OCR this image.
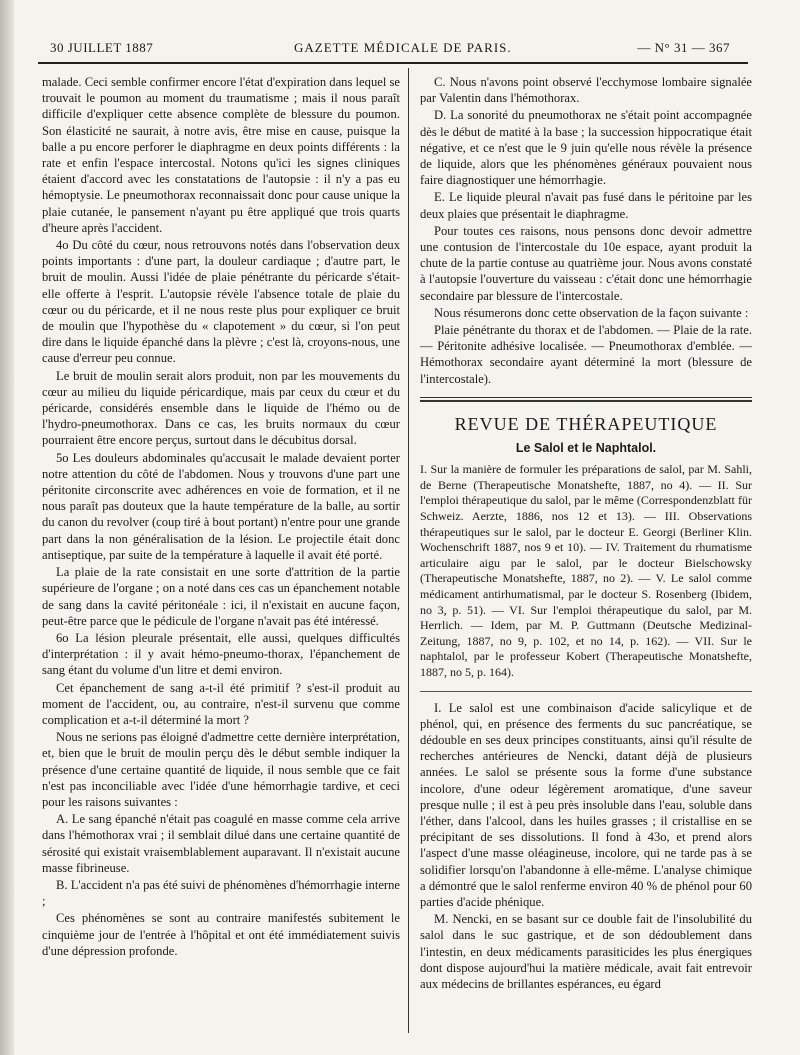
30 JUILLET 1887	GAZETTE MÉDICALE DE PARIS.	— N° 31 — 367

malade. Ceci semble confirmer encore l'état d'expiration dans lequel se trouvait le poumon au moment du traumatisme ; mais il nous paraît difficile d'expliquer cette absence complète de blessure du poumon. Son élasticité ne saurait, à notre avis, être mise en cause, puisque la balle a pu encore perforer le diaphragme en deux points différents : la rate et enfin l'espace intercostal. Notons qu'ici les signes cliniques étaient d'accord avec les constatations de l'autopsie : il n'y a pas eu hémoptysie. Le pneumothorax reconnaissait donc pour cause unique la plaie cutanée, le pansement n'ayant pu être appliqué que trois quarts d'heure après l'accident.

4o Du côté du cœur, nous retrouvons notés dans l'observation deux points importants : d'une part, la douleur cardiaque ; d'autre part, le bruit de moulin. Aussi l'idée de plaie pénétrante du péricarde s'était-elle offerte à l'esprit. L'autopsie révèle l'absence totale de plaie du cœur ou du péricarde, et il ne nous reste plus pour expliquer ce bruit de moulin que l'hypothèse du « clapotement » du cœur, si l'on peut dire dans le liquide épanché dans la plèvre ; c'est là, croyons-nous, une cause d'erreur peu connue.

Le bruit de moulin serait alors produit, non par les mouvements du cœur au milieu du liquide péricardique, mais par ceux du cœur et du péricarde, considérés ensemble dans le liquide de l'hémo ou de l'hydro-pneumothorax. Dans ce cas, les bruits normaux du cœur pourraient être encore perçus, surtout dans le décubitus dorsal.

5o Les douleurs abdominales qu'accusait le malade devaient porter notre attention du côté de l'abdomen. Nous y trouvons d'une part une péritonite circonscrite avec adhérences en voie de formation, et il ne nous paraît pas douteux que la haute température de la balle, au sortir du canon du revolver (coup tiré à bout portant) n'entre pour une grande part dans la non généralisation de la lésion. Le projectile était donc antiseptique, par suite de la température à laquelle il avait été porté.

La plaie de la rate consistait en une sorte d'attrition de la partie supérieure de l'organe ; on a noté dans ces cas un épanchement notable de sang dans la cavité péritonéale : ici, il n'existait en aucune façon, peut-être parce que le pédicule de l'organe n'avait pas été intéressé.

6o La lésion pleurale présentait, elle aussi, quelques difficultés d'interprétation : il y avait hémo-pneumo-thorax, l'épanchement de sang étant du volume d'un litre et demi environ.

Cet épanchement de sang a-t-il été primitif ? s'est-il produit au moment de l'accident, ou, au contraire, n'est-il survenu que comme complication et a-t-il déterminé la mort ?

Nous ne serions pas éloigné d'admettre cette dernière interprétation, et, bien que le bruit de moulin perçu dès le début semble indiquer la présence d'une certaine quantité de liquide, il nous semble que ce fait n'est pas inconciliable avec l'idée d'une hémorrhagie tardive, et ceci pour les raisons suivantes :

A. Le sang épanché n'était pas coagulé en masse comme cela arrive dans l'hémothorax vrai ; il semblait dilué dans une certaine quantité de sérosité qui existait vraisemblablement auparavant. Il n'existait aucune masse fibrineuse.

B. L'accident n'a pas été suivi de phénomènes d'hémorrhagie interne ;

Ces phénomènes se sont au contraire manifestés subitement le cinquième jour de l'entrée à l'hôpital et ont été immédiatement suivis d'une dépression profonde.

C. Nous n'avons point observé l'ecchymose lombaire signalée par Valentin dans l'hémothorax.

D. La sonorité du pneumothorax ne s'était point accompagnée dès le début de matité à la base ; la succession hippocratique était négative, et ce n'est que le 9 juin qu'elle nous révèle la présence de liquide, alors que les phénomènes généraux pouvaient nous faire diagnostiquer une hémorrhagie.

E. Le liquide pleural n'avait pas fusé dans le péritoine par les deux plaies que présentait le diaphragme.

Pour toutes ces raisons, nous pensons donc devoir admettre une contusion de l'intercostale du 10e espace, ayant produit la chute de la partie contuse au quatrième jour. Nous avons constaté à l'autopsie l'ouverture du vaisseau : c'était donc une hémorrhagie secondaire par blessure de l'intercostale.

Nous résumerons donc cette observation de la façon suivante :

Plaie pénétrante du thorax et de l'abdomen. — Plaie de la rate. — Péritonite adhésive localisée. — Pneumothorax d'emblée. — Hémothorax secondaire ayant déterminé la mort (blessure de l'intercostale).

REVUE DE THÉRAPEUTIQUE
Le Salol et le Naphtalol.
I. Sur la manière de formuler les préparations de salol, par M. Sahli, de Berne (Therapeutische Monatshefte, 1887, no 4). — II. Sur l'emploi thérapeutique du salol, par le même (Correspondenzblatt für Schweiz. Aerzte, 1886, nos 12 et 13). — III. Observations thérapeutiques sur le salol, par le docteur E. Georgi (Berliner Klin. Wochenschrift 1887, nos 9 et 10). — IV. Traitement du rhumatisme articulaire aigu par le salol, par le docteur Bielschowsky (Therapeutische Monatshefte, 1887, no 2). — V. Le salol comme médicament antirhumatismal, par le docteur S. Rosenberg (Ibidem, no 3, p. 51). — VI. Sur l'emploi thérapeutique du salol, par M. Herrlich. — Idem, par M. P. Guttmann (Deutsche Medizinal-Zeitung, 1887, no 9, p. 102, et no 14, p. 162). — VII. Sur le naphtalol, par le professeur Kobert (Therapeutische Monatshefte, 1887, no 5, p. 164).

I. Le salol est une combinaison d'acide salicylique et de phénol, qui, en présence des ferments du suc pancréatique, se dédouble en ses deux principes constituants, ainsi qu'il résulte de recherches antérieures de Nencki, datant déjà de plusieurs années. Le salol se présente sous la forme d'une substance incolore, d'une odeur légèrement aromatique, d'une saveur presque nulle ; il est à peu près insoluble dans l'eau, soluble dans l'éther, dans l'alcool, dans les huiles grasses ; il cristallise en se précipitant de ses dissolutions. Il fond à 43o, et prend alors l'aspect d'une masse oléagineuse, incolore, qui ne tarde pas à se solidifier lorsqu'on l'abandonne à elle-même. L'analyse chimique a démontré que le salol renferme environ 40 % de phénol pour 60 parties d'acide phénique.

M. Nencki, en se basant sur ce double fait de l'insolubilité du salol dans le suc gastrique, et de son dédoublement dans l'intestin, en deux médicaments parasiticides les plus énergiques dont dispose aujourd'hui la matière médicale, avait fait entrevoir aux médecins de brillantes espérances, eu égard
